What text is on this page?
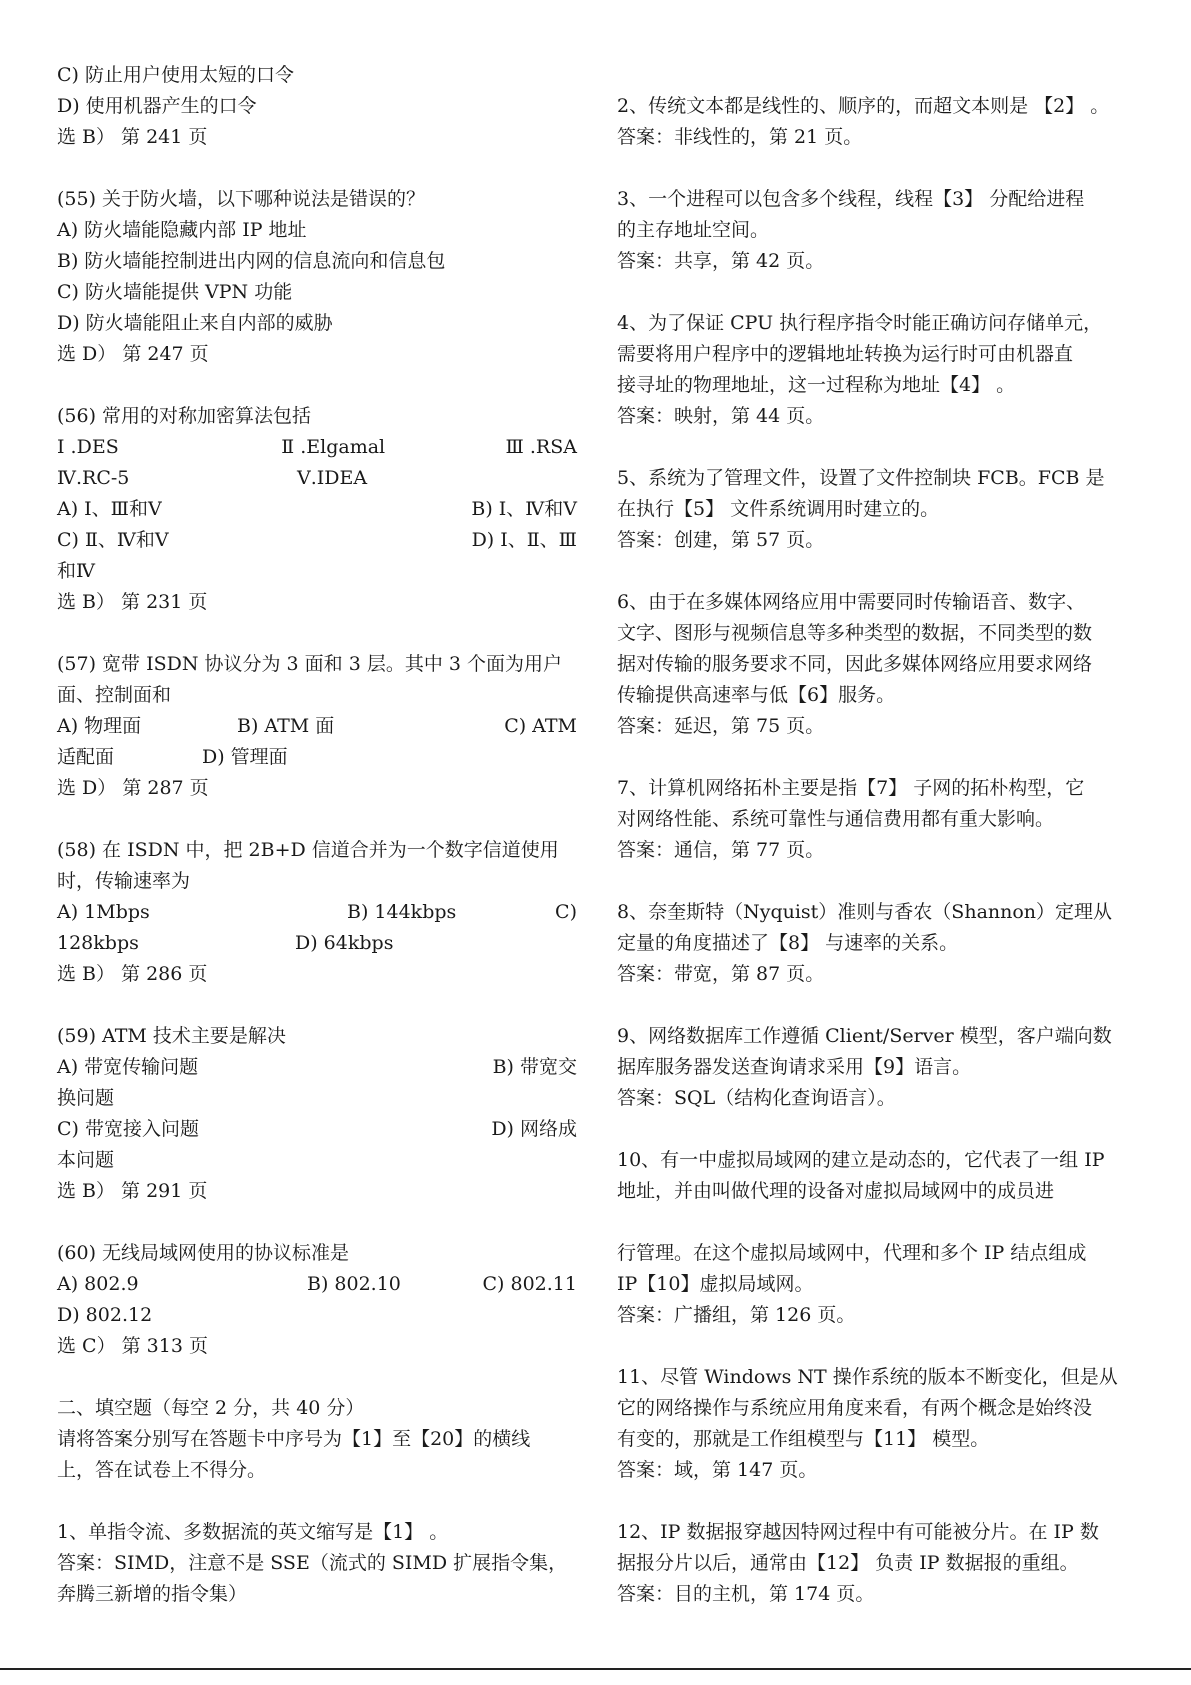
C) 防止用户使用太短的口令
D) 使用机器产生的口令
选 B） 第 241 页
(55) 关于防火墙，以下哪种说法是错误的？
A) 防火墙能隐藏内部 IP 地址
B) 防火墙能控制进出内网的信息流向和信息包
C) 防火墙能提供 VPN 功能
D) 防火墙能阻止来自内部的威胁
选 D） 第 247 页
(56) 常用的对称加密算法包括
Ⅰ .DES	Ⅱ .Elgamal	Ⅲ .RSA
Ⅳ.RC-5	Ⅴ.IDEA
A) Ⅰ、Ⅲ和Ⅴ	B) Ⅰ、Ⅳ和Ⅴ
C) Ⅱ、Ⅳ和Ⅴ	D) Ⅰ、Ⅱ、Ⅲ
和Ⅳ
选 B） 第 231 页
(57) 宽带 ISDN 协议分为 3 面和 3 层。其中 3 个面为用户
面、控制面和
A) 物理面	B) ATM 面	C) ATM
适配面	D) 管理面
选 D） 第 287 页
(58) 在 ISDN 中，把 2B+D 信道合并为一个数字信道使用
时，传输速率为
A) 1Mbps	B) 144kbps	C)
128kbps	D) 64kbps
选 B） 第 286 页
(59) ATM 技术主要是解决
A) 带宽传输问题	B) 带宽交
换问题
C) 带宽接入问题	D) 网络成
本问题
选 B） 第 291 页
(60) 无线局域网使用的协议标准是
A) 802.9	B) 802.10	C) 802.11
D) 802.12
选 C） 第 313 页
二、填空题（每空 2 分，共 40 分）
请将答案分别写在答题卡中序号为【1】至【20】的横线
上，答在试卷上不得分。
1、单指令流、多数据流的英文缩写是【1】 。
答案：SIMD，注意不是 SSE（流式的 SIMD 扩展指令集，
奔腾三新增的指令集）
2、传统文本都是线性的、顺序的，而超文本则是 【2】 。
答案：非线性的，第 21 页。
3、一个进程可以包含多个线程，线程【3】 分配给进程
的主存地址空间。
答案：共享，第 42 页。
4、为了保证 CPU 执行程序指令时能正确访问存储单元，
需要将用户程序中的逻辑地址转换为运行时可由机器直
接寻址的物理地址，这一过程称为地址【4】 。
答案：映射，第 44 页。
5、系统为了管理文件，设置了文件控制块 FCB。FCB 是
在执行【5】 文件系统调用时建立的。
答案：创建，第 57 页。
6、由于在多媒体网络应用中需要同时传输语音、数字、
文字、图形与视频信息等多种类型的数据，不同类型的数
据对传输的服务要求不同，因此多媒体网络应用要求网络
传输提供高速率与低【6】服务。
答案：延迟，第 75 页。
7、计算机网络拓朴主要是指【7】 子网的拓朴构型，它
对网络性能、系统可靠性与通信费用都有重大影响。
答案：通信，第 77 页。
8、奈奎斯特（Nyquist）准则与香农（Shannon）定理从
定量的角度描述了【8】 与速率的关系。
答案：带宽，第 87 页。
9、网络数据库工作遵循 Client/Server 模型，客户端向数
据库服务器发送查询请求采用【9】语言。
答案：SQL（结构化查询语言）。
10、有一中虚拟局域网的建立是动态的，它代表了一组 IP
地址，并由叫做代理的设备对虚拟局域网中的成员进
行管理。在这个虚拟局域网中，代理和多个 IP 结点组成
IP【10】虚拟局域网。
答案：广播组，第 126 页。
11、尽管 Windows NT 操作系统的版本不断变化，但是从
它的网络操作与系统应用角度来看，有两个概念是始终没
有变的，那就是工作组模型与【11】 模型。
答案：域，第 147 页。
12、IP 数据报穿越因特网过程中有可能被分片。在 IP 数
据报分片以后，通常由【12】 负责 IP 数据报的重组。
答案：目的主机，第 174 页。
